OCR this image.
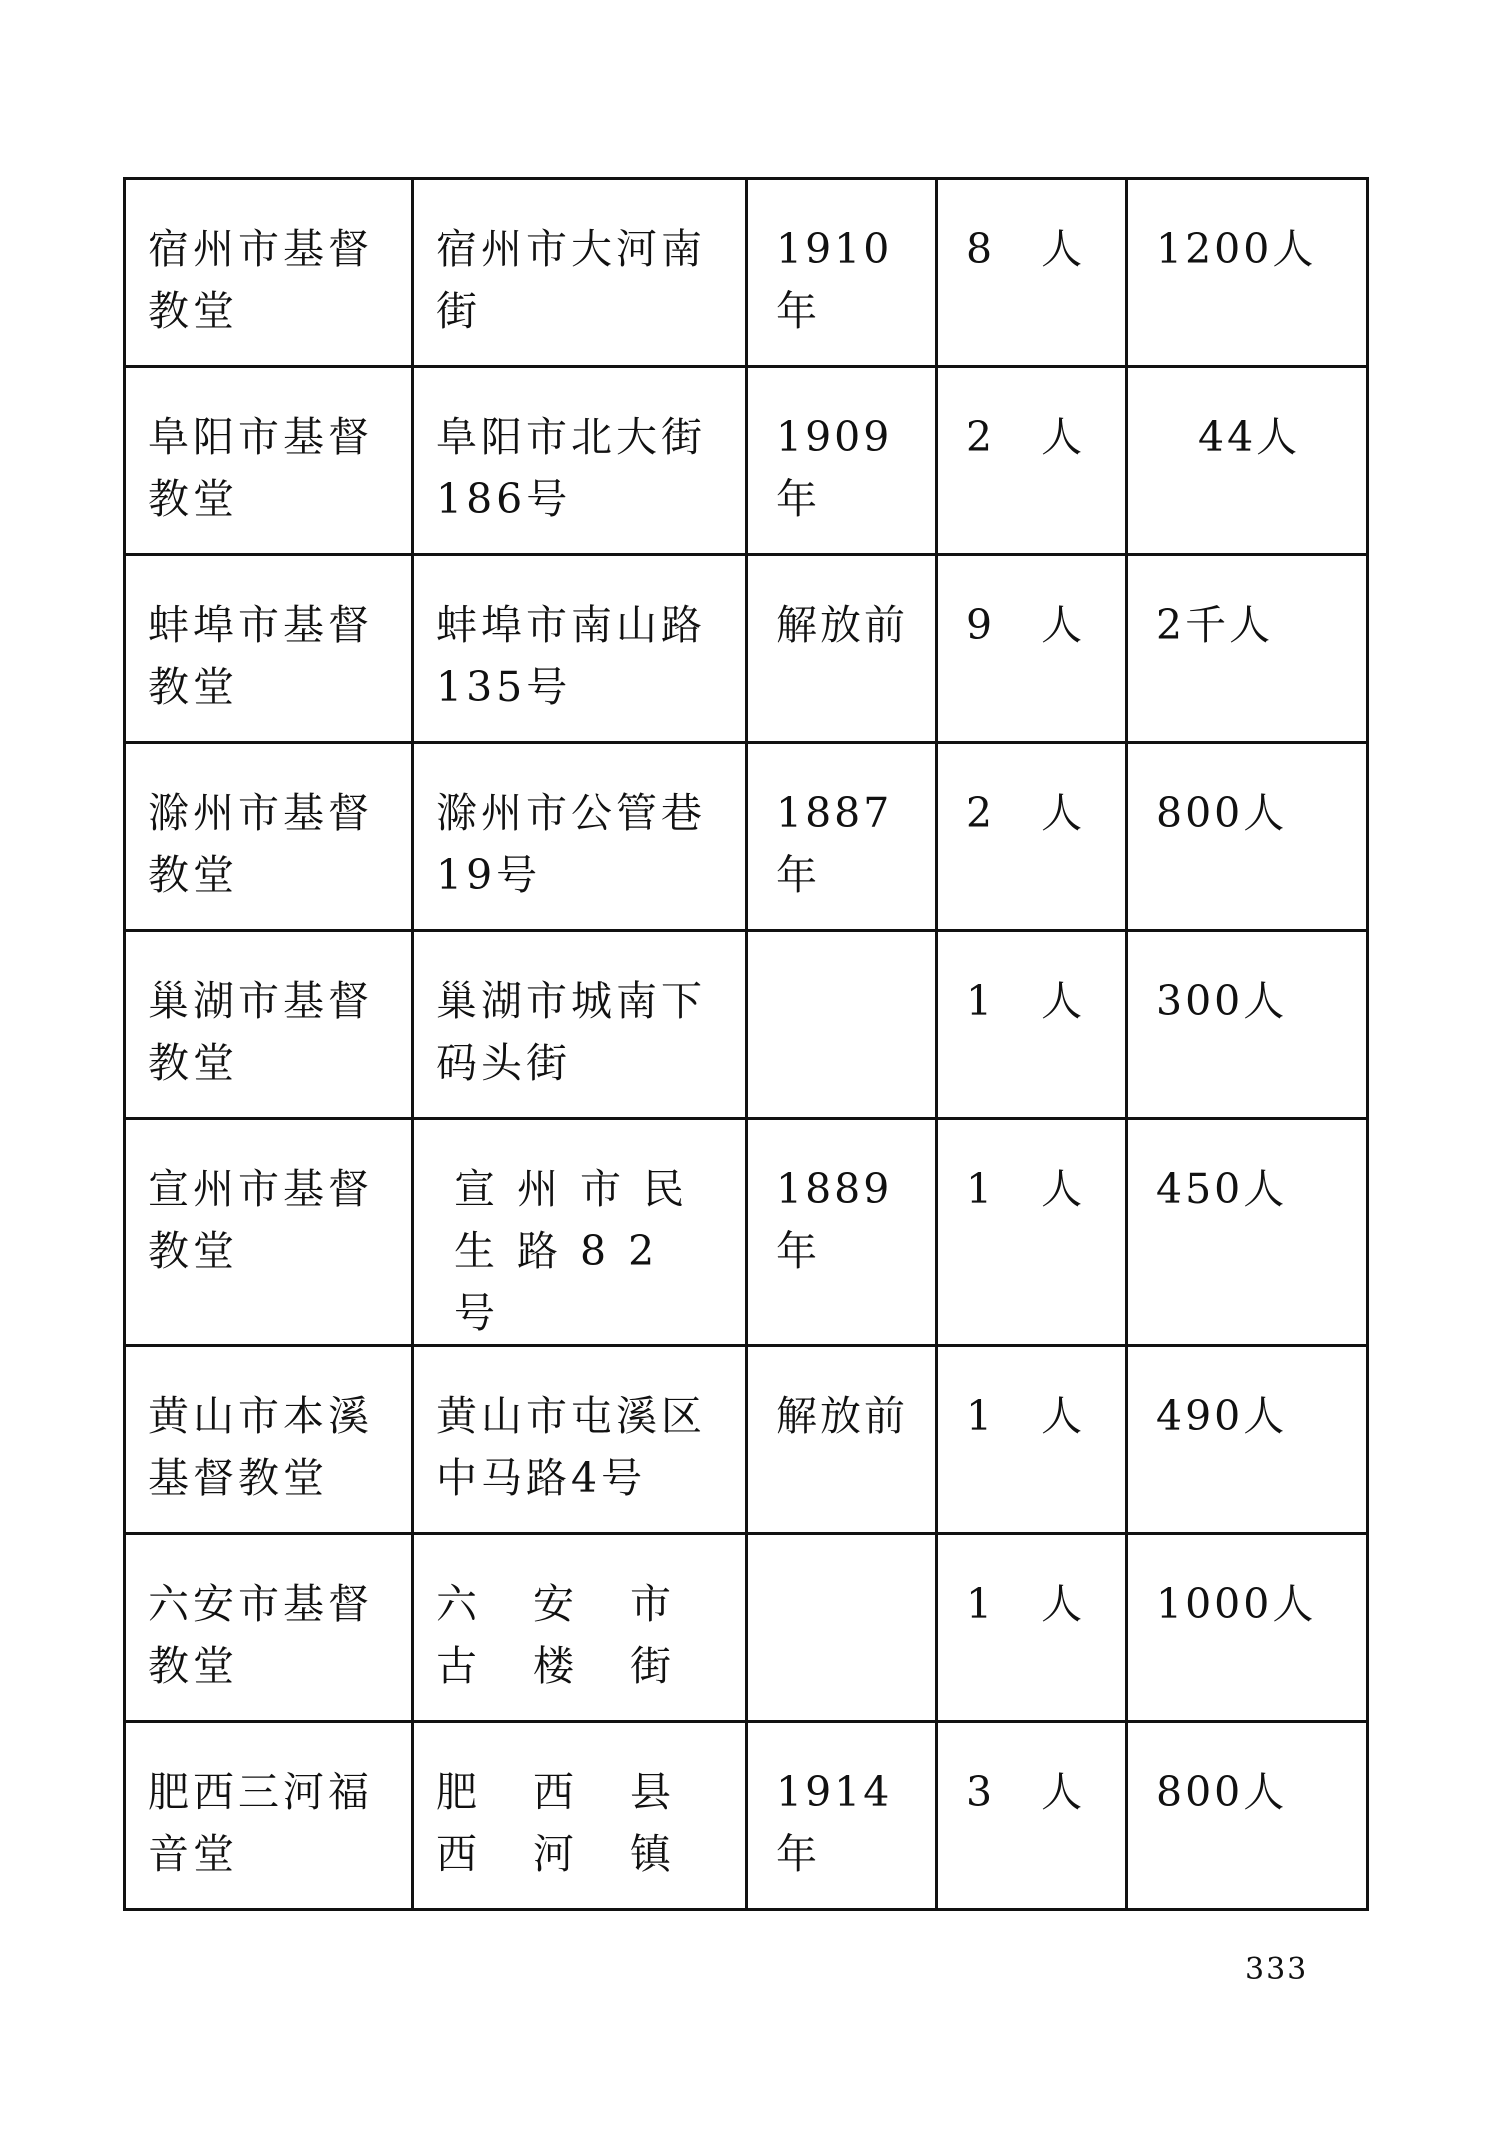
宿州市基督教堂	宿州市大河南街	1910年	8　人	1200人
阜阳市基督教堂	阜阳市北大街186号	1909年	2　人	44人
蚌埠市基督教堂	蚌埠市南山路135号	解放前	9　人	2千人
滁州市基督教堂	滁州市公管巷19号	1887年	2　人	800人
巢湖市基督教堂	巢湖市城南下码头街		1　人	300人
宣州市基督教堂	宣州市民生路82号	1889年	1　人	450人
黄山市本溪基督教堂	黄山市屯溪区中马路4号	解放前	1　人	490人
六安市基督教堂	六安市古楼街		1　人	1000人
肥西三河福音堂	肥西县西河镇	1914年	3　人	800人
333
